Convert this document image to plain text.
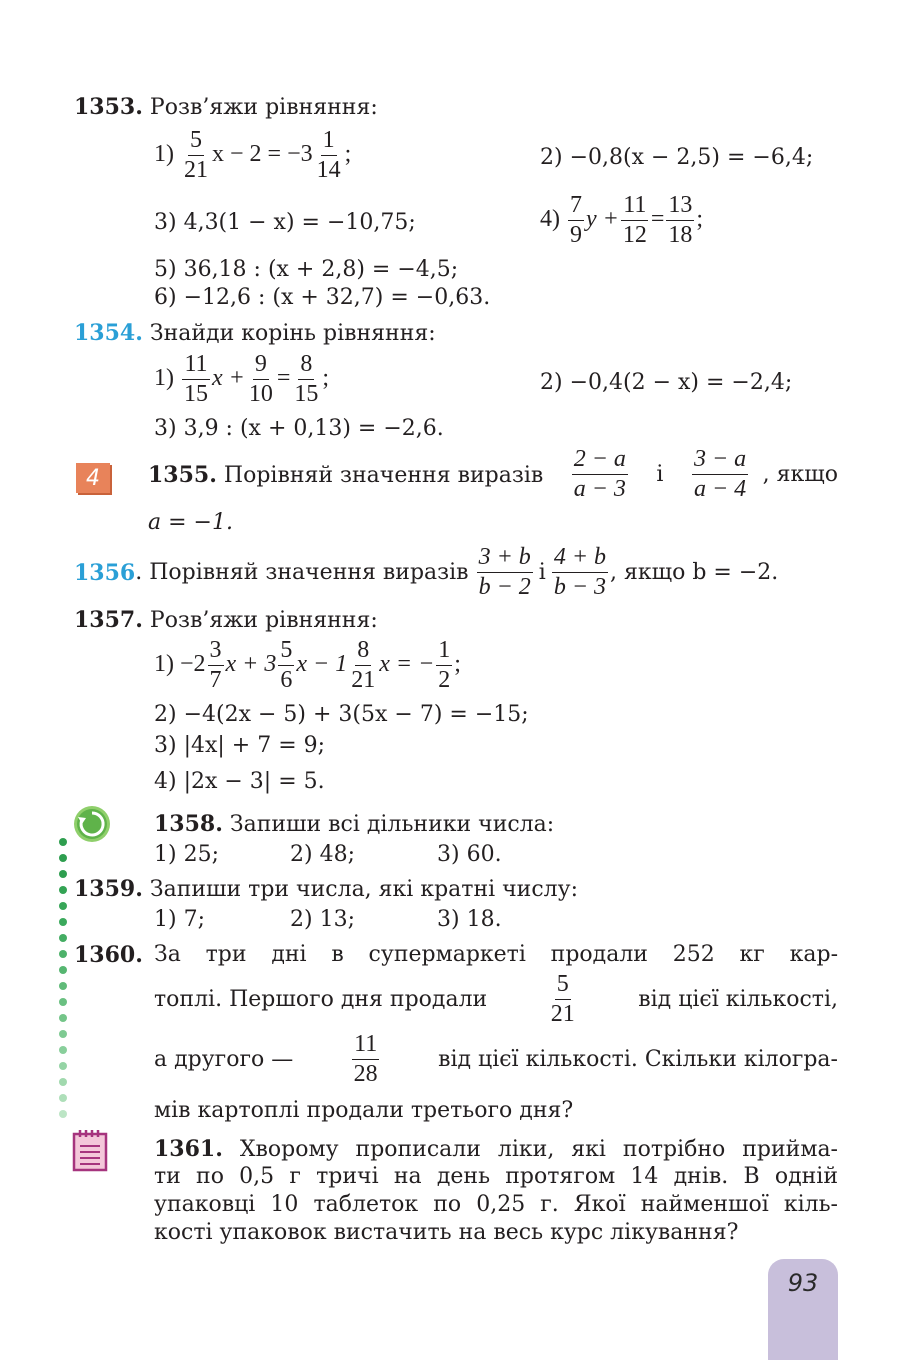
1353. Розв’яжи рівняння:
$1) \frac{5}{21}$ $x - 2 = -3 \frac{1}{14}$ ;	2) −0,8(x − 2,5) = −6,4;
3) 4,3(1 − x) = −10,75;	$4) \frac{7}{9}$ $y + \frac{11}{12} = \frac{13}{18}$ ;
5) 36,18 : (x + 2,8) = −4,5;
6) −12,6 : (x + 32,7) = −0,63.
1354. Знайди корінь рівняння:
$1) \frac{11}{15}$ $x + \frac{9}{10} = \frac{8}{15}$ ;	2) −0,4(2 − x) = −2,4;
3) 3,9 : (x + 0,13) = −2,6.
4	1355. Порівняй значення виразів $\frac{2 - a}{a - 3}$ і $\frac{3 - a}{a - 4}$ , якщо
a = −1.
1356 . Порівняй значення виразів $\frac{3 + b}{b - 2}$ і $\frac{4 + b}{b - 3}$ , якщо b = −2.
1357. Розв’яжи рівняння:
$1) -2 \frac{3}{7}$ $x + 3 \frac{5}{6}$ $x - 1 \frac{8}{21}$ x = − $\frac{1}{2}$ ;
2) −4(2x − 5) + 3(5x − 7) = −15;
3) |4x| + 7 = 9;
4) |2x − 3| = 5.
1358. Запиши всі дільники числа:
1) 25;	2) 48;	3) 60.
1359. Запиши три числа, які кратні числу:
1) 7;	2) 13;	3) 18.
1360. За три дні в супермаркеті продали 252 кг кар-
топлі. Першого дня продали	$\frac{5}{21}$	від цієї кількості,
а другого — $\frac{11}{28}$	від цієї кількості. Скільки кілогра-
мів картоплі продали третього дня?
1361. Хворому прописали ліки, які потрібно прийма-
ти по 0,5 г тричі на день протягом 14 днів. В одній
упаковці 10 таблеток по 0,25 г. Якої найменшої кіль-
кості упаковок вистачить на весь курс лікування?
93
